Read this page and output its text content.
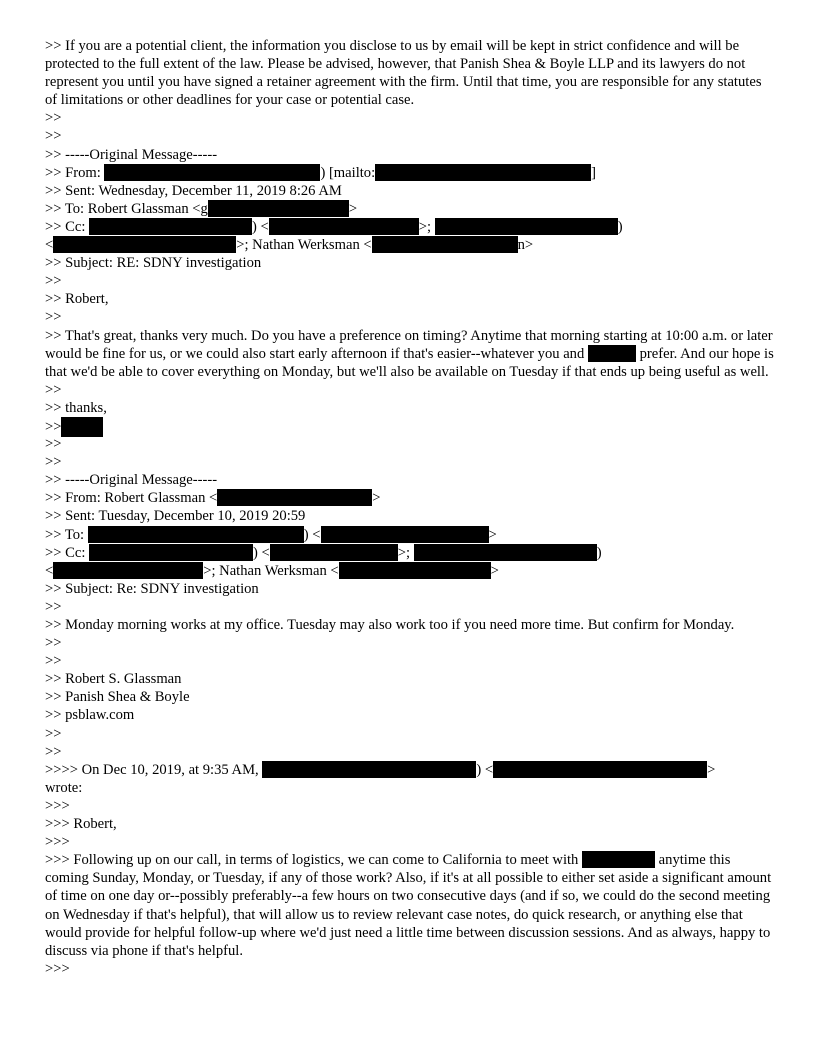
>> If you are a potential client, the information you disclose to us by email will be kept in strict confidence and will be protected to the full extent of the law. Please be advised, however, that Panish Shea & Boyle LLP and its lawyers do not represent you until you have signed a retainer agreement with the firm. Until that time, you are responsible for any statutes of limitations or other deadlines for your case or potential case.
>>
>>
>> -----Original Message-----
>> From:	) [mailto:	]
>> Sent: Wednesday, December 11, 2019 8:26 AM
>> To: Robert Glassman <g	>
>> Cc:	) <	>;	)
<	>; Nathan Werksman <	n>
>> Subject: RE: SDNY investigation
>>
>> Robert,
>>
>> That's great, thanks very much. Do you have a preference on timing? Anytime that morning starting at 10:00 a.m. or later would be fine for us, or we could also start early afternoon if that's easier--whatever you and	prefer. And our hope is that we'd be able to cover everything on Monday, but we'll also be available on Tuesday if that ends up being useful as well.
>>
>> thanks,
>>
>>
>>
>> -----Original Message-----
>> From: Robert Glassman <	>
>> Sent: Tuesday, December 10, 2019 20:59
>> To:	) <	>
>> Cc:	) <	>;	)
<	>; Nathan Werksman <	>
>> Subject: Re: SDNY investigation
>>
>> Monday morning works at my office. Tuesday may also work too if you need more time. But confirm for Monday.
>>
>>
>> Robert S. Glassman
>> Panish Shea & Boyle
>> psblaw.com
>>
>>
>>>> On Dec 10, 2019, at 9:35 AM,	) <	>
wrote:
>>>
>>> Robert,
>>>
>>> Following up on our call, in terms of logistics, we can come to California to meet with	anytime this coming Sunday, Monday, or Tuesday, if any of those work? Also, if it's at all possible to either set aside a significant amount of time on one day or--possibly preferably--a few hours on two consecutive days (and if so, we could do the second meeting on Wednesday if that's helpful), that will allow us to review relevant case notes, do quick research, or anything else that would provide for helpful follow-up where we'd just need a little time between discussion sessions. And as always, happy to discuss via phone if that's helpful.
>>>
